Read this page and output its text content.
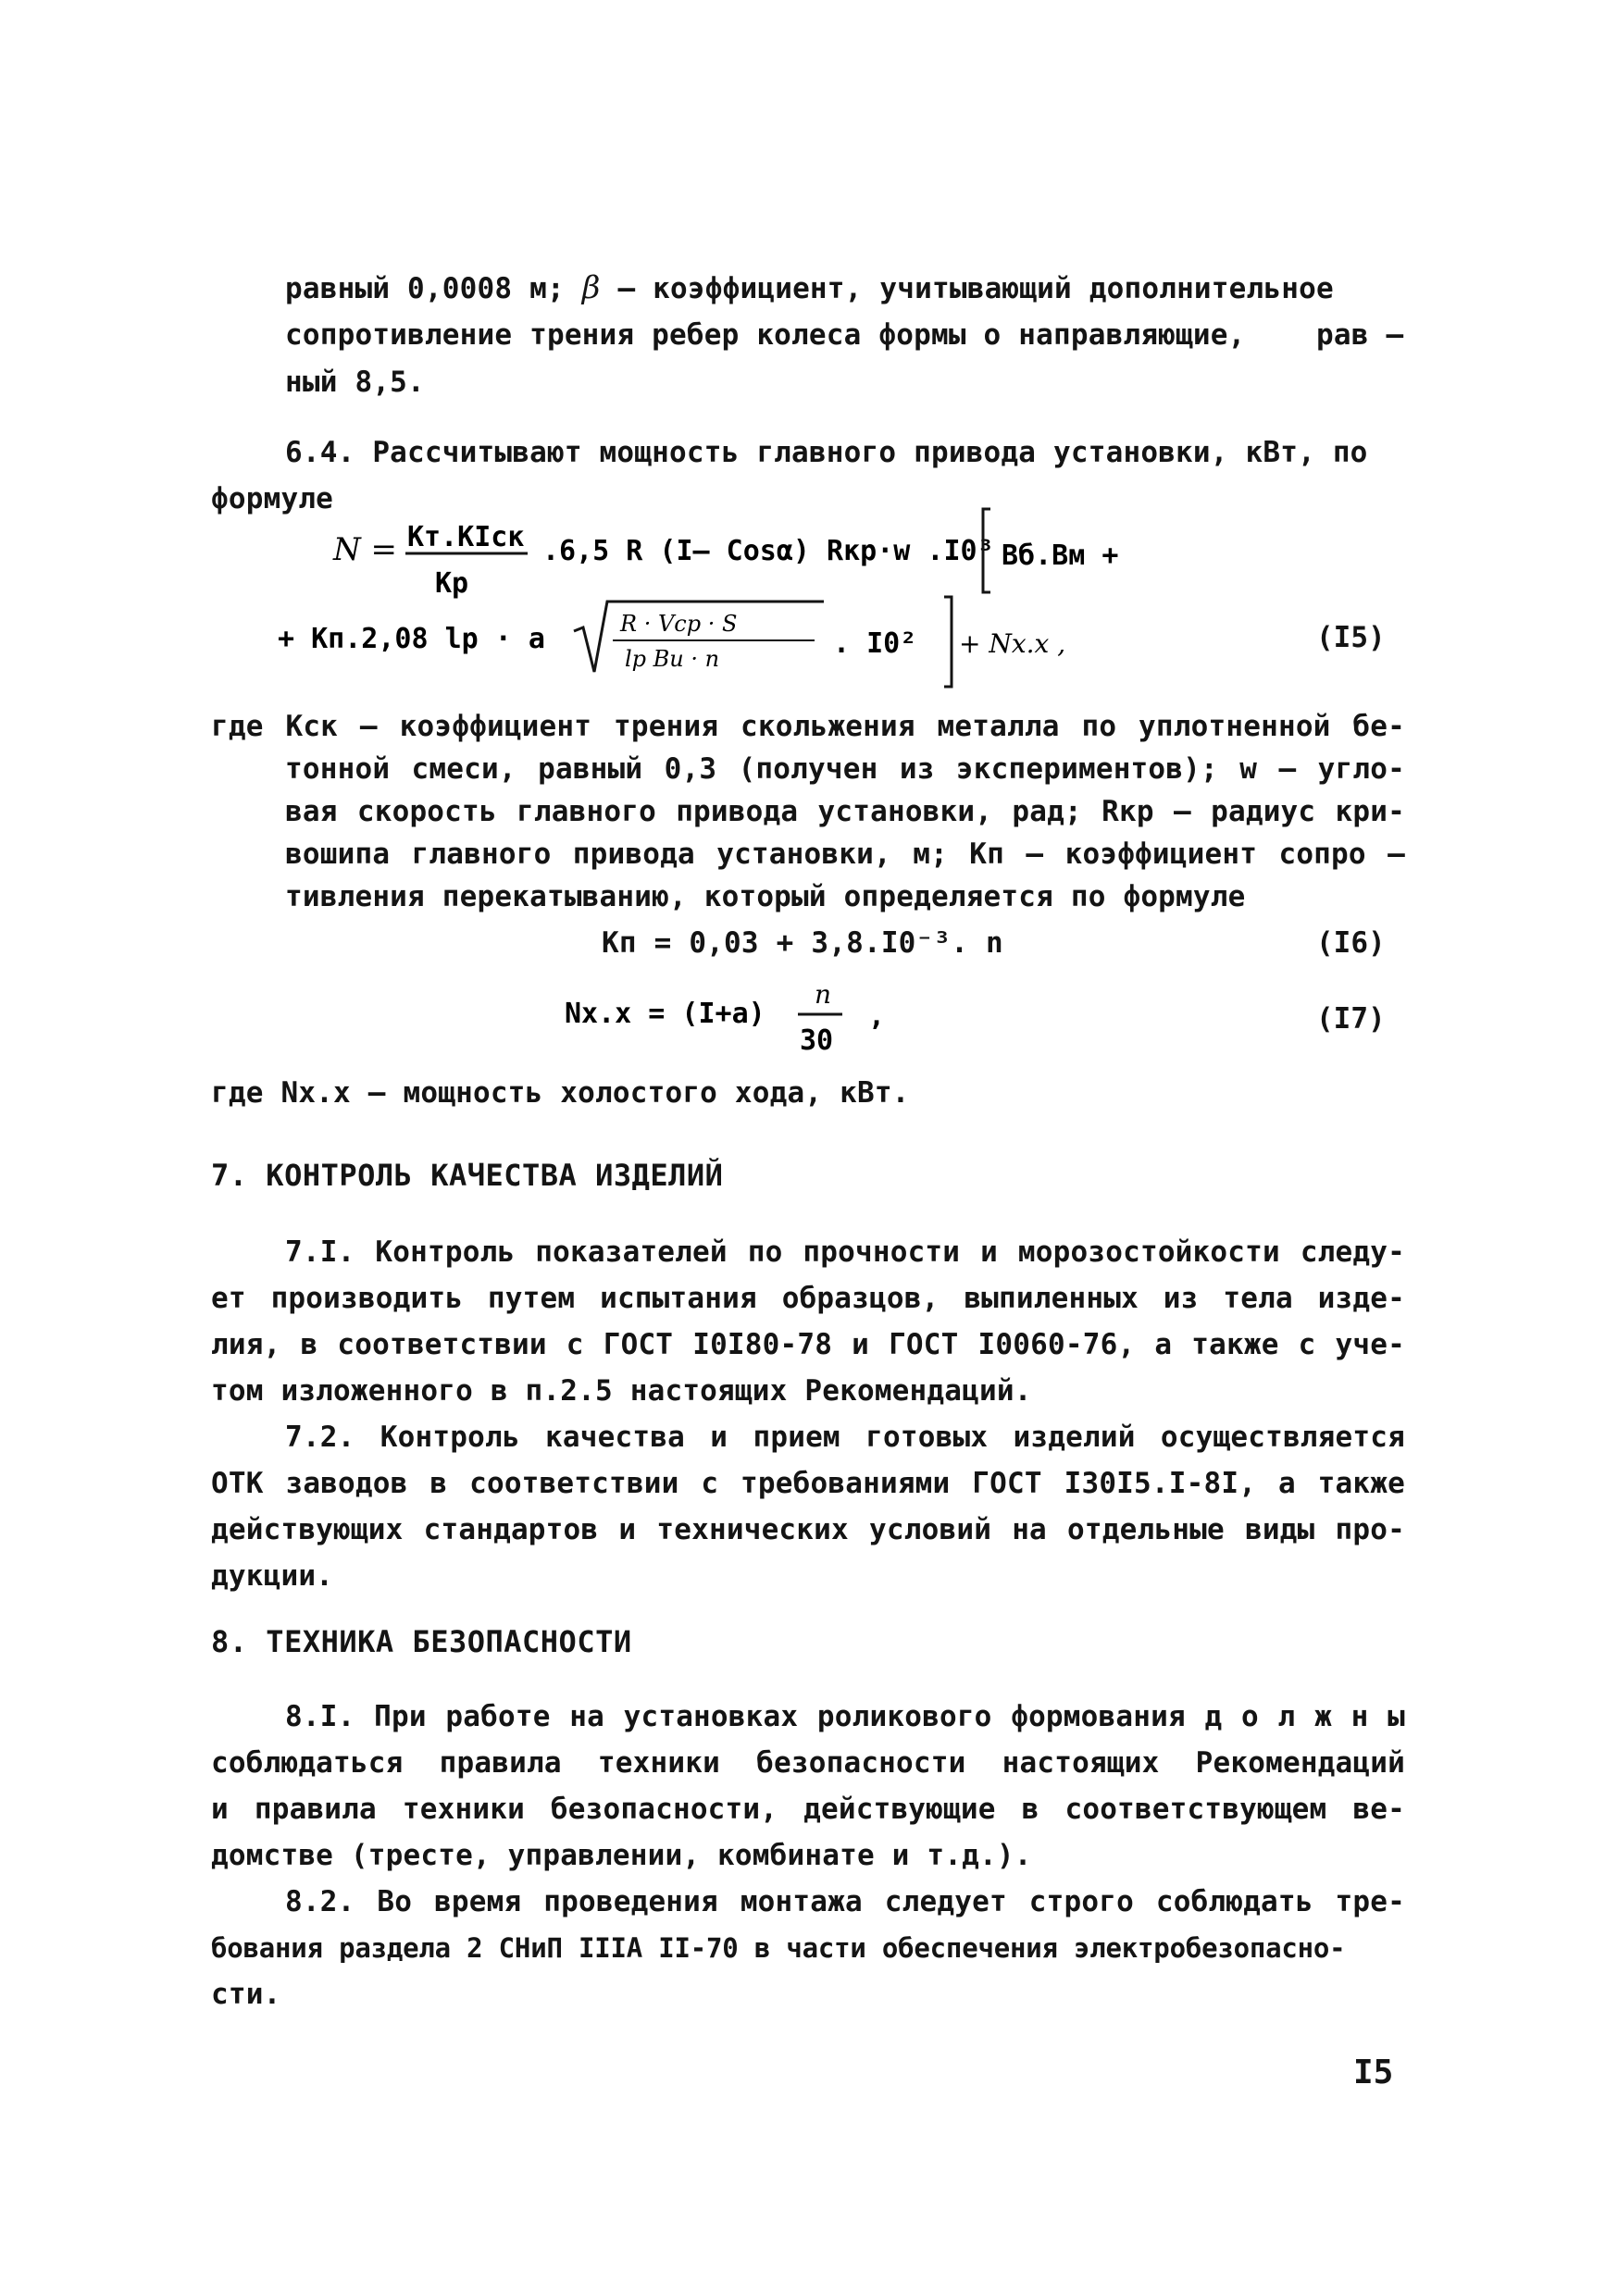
равный 0,0008 м; β – коэффициент, учитывающий дополнительное
сопротивление трения ребер колеса формы о направляющие, рав –
ный 8,5.
6.4. Рассчитывают мощность главного привода установки, кВт, по
формуле
N = Кт.КIск
Кр
.6,5 R (I– Cosα) Rкр·w .I0³ Вб.Вм +
+ Кп.2,08 lр · a	R · Vср · S
lр Ви · n	. I0² + Nх.х ,	(I5)
где Кск – коэффициент трения скольжения металла по уплотненной бе-
тонной смеси, равный 0,3 (получен из экспериментов); w – угло-
вая скорость главного привода установки, рад; Rкр – радиус кри-
вошипа главного привода установки, м; Кп – коэффициент сопро –
тивления перекатыванию, который определяется по формуле
Кп = 0,03 + 3,8.I0⁻³. n	(I6)
Nх.х = (I+a)
n
30
,	(I7)
где Nх.х – мощность холостого хода, кВт.
7. КОНТРОЛЬ КАЧЕСТВА ИЗДЕЛИЙ
7.I. Контроль показателей по прочности и морозостойкости следу-
ет производить путем испытания образцов, выпиленных из тела изде-
лия, в соответствии с ГОСТ I0I80-78 и ГОСТ I0060-76, а также с уче-
том изложенного в п.2.5 настоящих Рекомендаций.
7.2. Контроль качества и прием готовых изделий осуществляется
ОТК заводов в соответствии с требованиями ГОСТ I30I5.I-8I, а также
действующих стандартов и технических условий на отдельные виды про-
дукции.
8. ТЕХНИКА БЕЗОПАСНОСТИ
8.I. При работе на установках роликового формования д о л ж н ы
соблюдаться правила техники безопасности настоящих Рекомендаций
и правила техники безопасности, действующие в соответствующем ве-
домстве (тресте, управлении, комбинате и т.д.).
8.2. Во время проведения монтажа следует строго соблюдать тре-
бования раздела 2 СНиП IIIА II-70 в части обеспечения электробезопасно-
сти.
I5
